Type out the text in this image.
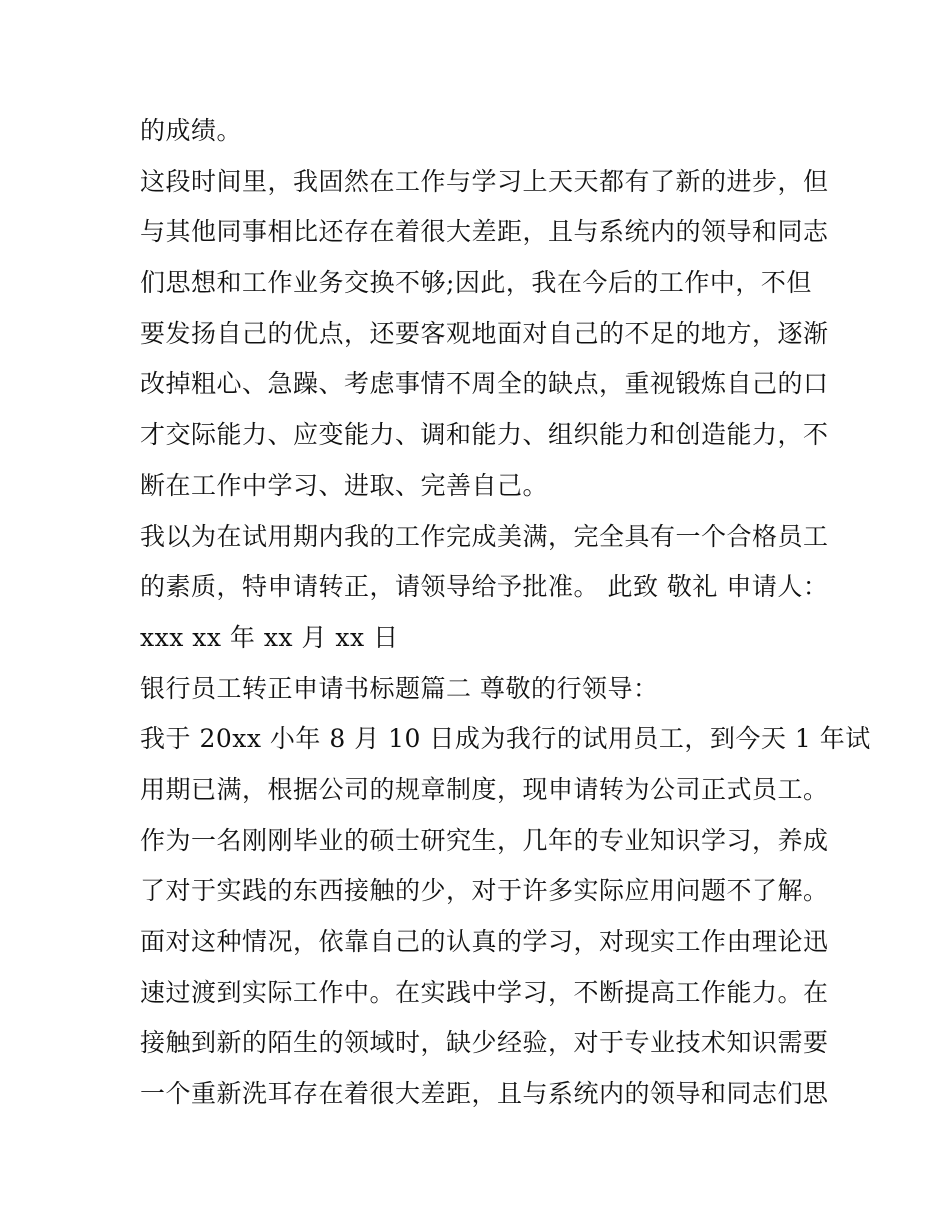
的成绩。
这段时间里，我固然在工作与学习上天天都有了新的进步，但
与其他同事相比还存在着很大差距，且与系统内的领导和同志
们思想和工作业务交换不够;因此，我在今后的工作中，不但
要发扬自己的优点，还要客观地面对自己的不足的地方，逐渐
改掉粗心、急躁、考虑事情不周全的缺点，重视锻炼自己的口
才交际能力、应变能力、调和能力、组织能力和创造能力，不
断在工作中学习、进取、完善自己。
我以为在试用期内我的工作完成美满，完全具有一个合格员工
的素质，特申请转正，请领导给予批准。 此致 敬礼 申请人：
xxx xx 年 xx 月 xx 日
银行员工转正申请书标题篇二 尊敬的行领导：
我于 20xx 小年 8 月 10 日成为我行的试用员工，到今天 1 年试
用期已满，根据公司的规章制度，现申请转为公司正式员工。
作为一名刚刚毕业的硕士研究生，几年的专业知识学习，养成
了对于实践的东西接触的少，对于许多实际应用问题不了解。
面对这种情况，依靠自己的认真的学习，对现实工作由理论迅
速过渡到实际工作中。在实践中学习，不断提高工作能力。在
接触到新的陌生的领域时，缺少经验，对于专业技术知识需要
一个重新洗耳存在着很大差距，且与系统内的领导和同志们思
